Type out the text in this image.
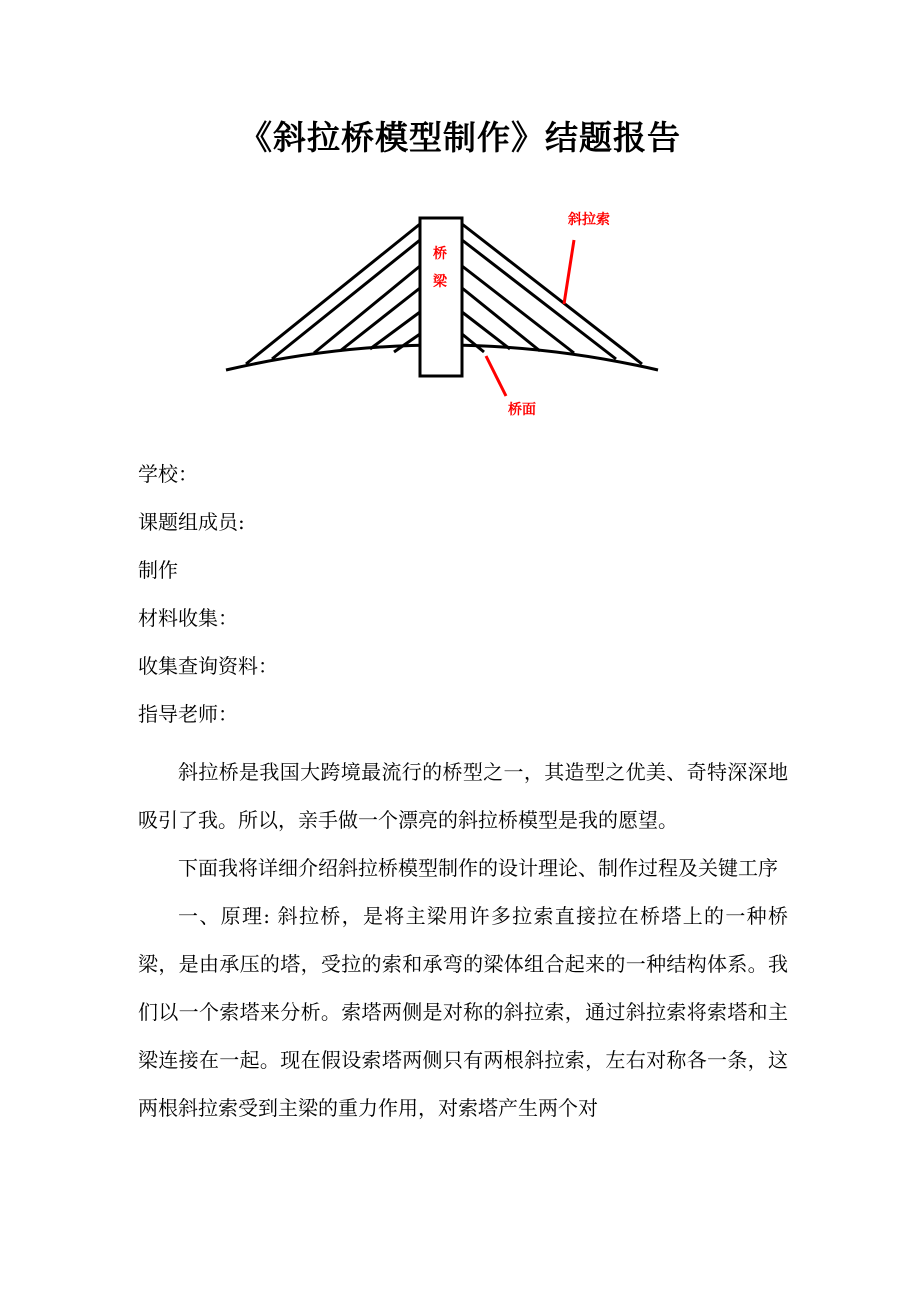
《斜拉桥模型制作》结题报告
桥
梁
斜拉索
桥面
学校：
课题组成员:
制作
材料收集：
收集查询资料：
指导老师：

斜拉桥是我国大跨境最流行的桥型之一，其造型之优美、奇特深深地吸引了我。所以，亲手做一个漂亮的斜拉桥模型是我的愿望。

下面我将详细介绍斜拉桥模型制作的设计理论、制作过程及关键工序

一、原理: 斜拉桥，是将主梁用许多拉索直接拉在桥塔上的一种桥梁，是由承压的塔，受拉的索和承弯的梁体组合起来的一种结构体系。我们以一个索塔来分析。索塔两侧是对称的斜拉索，通过斜拉索将索塔和主梁连接在一起。现在假设索塔两侧只有两根斜拉索，左右对称各一条，这两根斜拉索受到主梁的重力作用，对索塔产生两个对
